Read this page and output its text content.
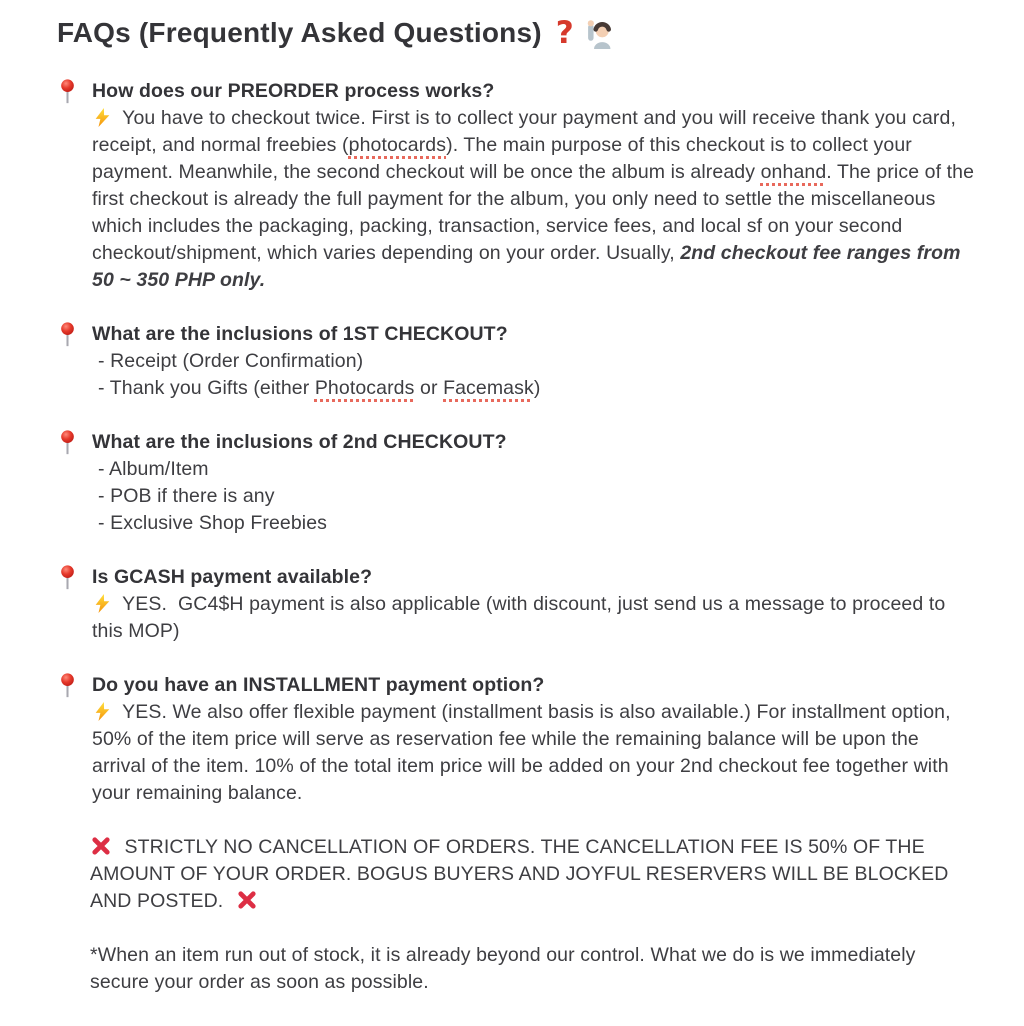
FAQs (Frequently Asked Questions) ?
How does our PREORDER process works?
You have to checkout twice. First is to collect your payment and you will receive thank you card, receipt, and normal freebies (photocards). The main purpose of this checkout is to collect your payment. Meanwhile, the second checkout will be once the album is already onhand. The price of the first checkout is already the full payment for the album, you only need to settle the miscellaneous which includes the packaging, packing, transaction, service fees, and local sf on your second checkout/shipment, which varies depending on your order. Usually, 2nd checkout fee ranges from 50 ~ 350 PHP only.
What are the inclusions of 1ST CHECKOUT?
- Receipt (Order Confirmation)
- Thank you Gifts (either Photocards or Facemask)
What are the inclusions of 2nd CHECKOUT?
- Album/Item
- POB if there is any
- Exclusive Shop Freebies
Is GCASH payment available?
YES.  GC4$H payment is also applicable (with discount, just send us a message to proceed to this MOP)
Do you have an INSTALLMENT payment option?
YES. We also offer flexible payment (installment basis is also available.) For installment option, 50% of the item price will serve as reservation fee while the remaining balance will be upon the arrival of the item. 10% of the total item price will be added on your 2nd checkout fee together with your remaining balance.

STRICTLY NO CANCELLATION OF ORDERS. THE CANCELLATION FEE IS 50% OF THE AMOUNT OF YOUR ORDER. BOGUS BUYERS AND JOYFUL RESERVERS WILL BE BLOCKED AND POSTED.

*When an item run out of stock, it is already beyond our control. What we do is we immediately secure your order as soon as possible.
